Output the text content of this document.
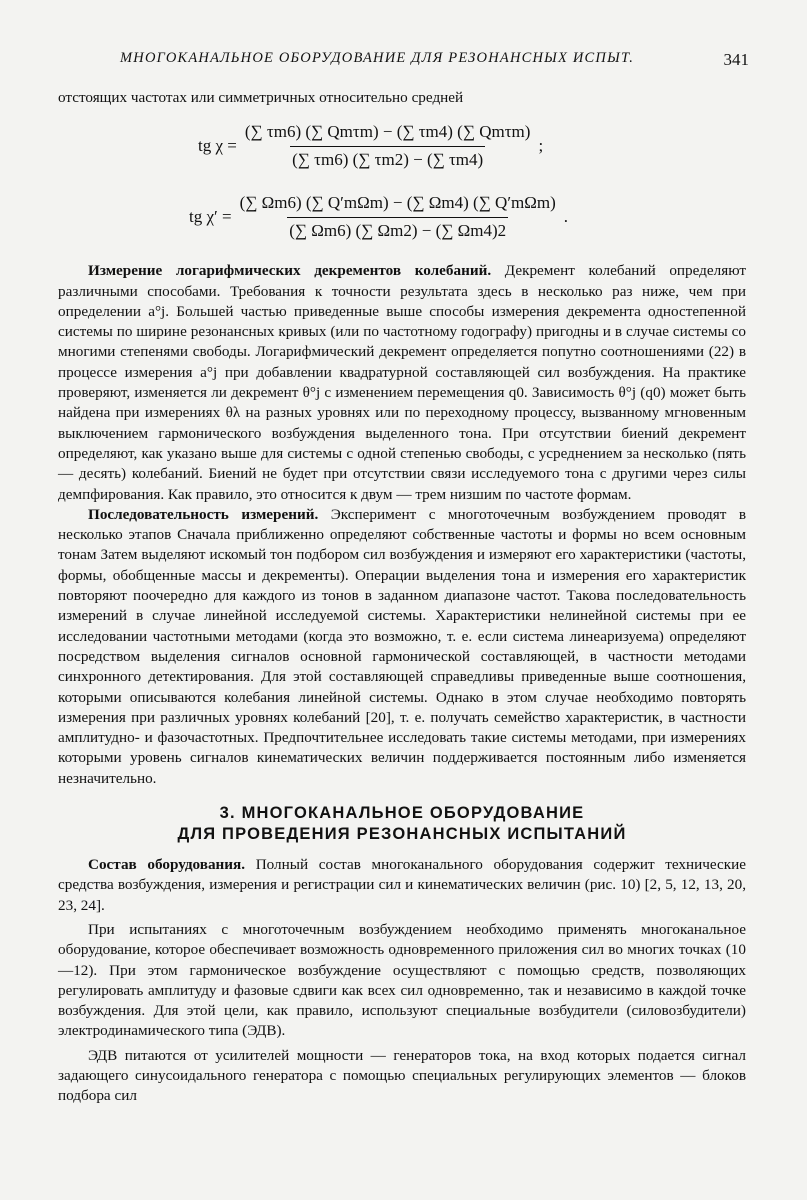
МНОГОКАНАЛЬНОЕ ОБОРУДОВАНИЕ ДЛЯ РЕЗОНАНСНЫХ ИСПЫТ.	341

отстоящих частотах или симметричных относительно средней

tg $\chi = \frac{\text{(∑ τm6) (∑ Qmτm) − (∑ τm4) (∑ Qmτm)}}{(\sum \tau m6) (\sum \tau m2) - (\sum \tau m4)}$ ;
tg $\chi' = \frac{\text{(∑ Ωm6) (∑ Q′mΩm) − (∑ Ωm4) (∑ Q′mΩm)}}{(\sum \Omega m6) (\sum \Omega m2) - (\sum \Omega m4)2}$ .

Измерение логарифмических декрементов колебаний. Декремент колебаний определяют различными способами. Требования к точности результата здесь в несколько раз ниже, чем при определении a°j. Большей частью приведенные выше способы измерения декремента одностепенной системы по ширине резонансных кривых (или по частотному годографу) пригодны и в случае системы со многими степенями свободы. Логарифмический декремент определяется попутно соотношениями (22) в процессе измерения a°j при добавлении квадратурной составляющей сил возбуждения. На практике проверяют, изменяется ли декремент θ°j с изменением перемещения q0. Зависимость θ°j (q0) может быть найдена при измерениях θλ на разных уровнях или по переходному процессу, вызванному мгновенным выключением гармонического возбуждения выделенного тона. При отсутствии биений декремент определяют, как указано выше для системы с одной степенью свободы, с усреднением за несколько (пять — десять) колебаний. Биений не будет при отсутствии связи исследуемого тона с другими через силы демпфирования. Как правило, это относится к двум — трем низшим по частоте формам.

Последовательность измерений. Эксперимент с многоточечным возбуждением проводят в несколько этапов Сначала приближенно определяют собственные частоты и формы но всем основным тонам Затем выделяют искомый тон подбором сил возбуждения и измеряют его характеристики (частоты, формы, обобщенные массы и декременты). Операции выделения тона и измерения его характеристик повторяют поочередно для каждого из тонов в заданном диапазоне частот. Такова последовательность измерений в случае линейной исследуемой системы. Характеристики нелинейной системы при ее исследовании частотными методами (когда это возможно, т. е. если система линеаризуема) определяют посредством выделения сигналов основной гармонической составляющей, в частности методами синхронного детектирования. Для этой составляющей справедливы приведенные выше соотношения, которыми описываются колебания линейной системы. Однако в этом случае необходимо повторять измерения при различных уровнях колебаний [20], т. е. получать семейство характеристик, в частности амплитудно- и фазочастотных. Предпочтительнее исследовать такие системы методами, при измерениях которыми уровень сигналов кинематических величин поддерживается постоянным либо изменяется незначительно.

3. МНОГОКАНАЛЬНОЕ ОБОРУДОВАНИЕ
ДЛЯ ПРОВЕДЕНИЯ РЕЗОНАНСНЫХ ИСПЫТАНИЙ

Состав оборудования. Полный состав многоканального оборудования содержит технические средства возбуждения, измерения и регистрации сил и кинематических величин (рис. 10) [2, 5, 12, 13, 20, 23, 24].

При испытаниях с многоточечным возбуждением необходимо применять многоканальное оборудование, которое обеспечивает возможность одновременного приложения сил во многих точках (10—12). При этом гармоническое возбуждение осуществляют с помощью средств, позволяющих регулировать амплитуду и фазовые сдвиги как всех сил одновременно, так и независимо в каждой точке возбуждения. Для этой цели, как правило, используют специальные возбудители (силовозбудители) электродинамического типа (ЭДВ).

ЭДВ питаются от усилителей мощности — генераторов тока, на вход которых подается сигнал задающего синусоидального генератора с помощью специальных регулирующих элементов — блоков подбора сил
